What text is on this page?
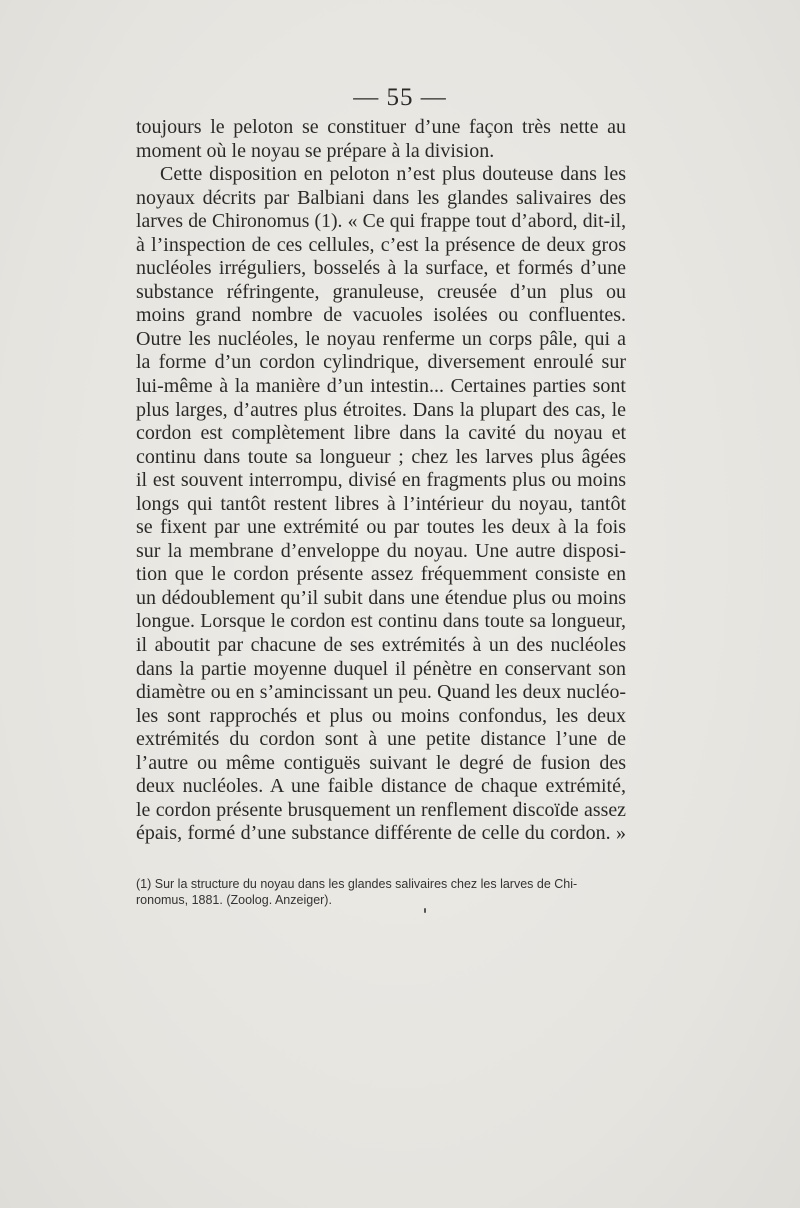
— 55 —
toujours le peloton se constituer d’une façon très nette au
moment où le noyau se prépare à la division.
Cette disposition en peloton n’est plus douteuse dans les
noyaux décrits par Balbiani dans les glandes salivaires des
larves de Chironomus (1). « Ce qui frappe tout d’abord, dit-il,
à l’inspection de ces cellules, c’est la présence de deux gros
nucléoles irréguliers, bosselés à la surface, et formés d’une
substance réfringente, granuleuse, creusée d’un plus ou
moins grand nombre de vacuoles isolées ou confluentes.
Outre les nucléoles, le noyau renferme un corps pâle, qui a
la forme d’un cordon cylindrique, diversement enroulé sur
lui-même à la manière d’un intestin... Certaines parties sont
plus larges, d’autres plus étroites. Dans la plupart des cas, le
cordon est complètement libre dans la cavité du noyau et
continu dans toute sa longueur ; chez les larves plus âgées
il est souvent interrompu, divisé en fragments plus ou moins
longs qui tantôt restent libres à l’intérieur du noyau, tantôt
se fixent par une extrémité ou par toutes les deux à la fois
sur la membrane d’enveloppe du noyau. Une autre disposi-
tion que le cordon présente assez fréquemment consiste en
un dédoublement qu’il subit dans une étendue plus ou moins
longue. Lorsque le cordon est continu dans toute sa longueur,
il aboutit par chacune de ses extrémités à un des nucléoles
dans la partie moyenne duquel il pénètre en conservant son
diamètre ou en s’amincissant un peu. Quand les deux nucléo-
les sont rapprochés et plus ou moins confondus, les deux
extrémités du cordon sont à une petite distance l’une de
l’autre ou même contiguës suivant le degré de fusion des
deux nucléoles. A une faible distance de chaque extrémité,
le cordon présente brusquement un renflement discoïde assez
épais, formé d’une substance différente de celle du cordon. »
(1) Sur la structure du noyau dans les glandes salivaires chez les larves de Chi-
ronomus, 1881. (Zoolog. Anzeiger).
